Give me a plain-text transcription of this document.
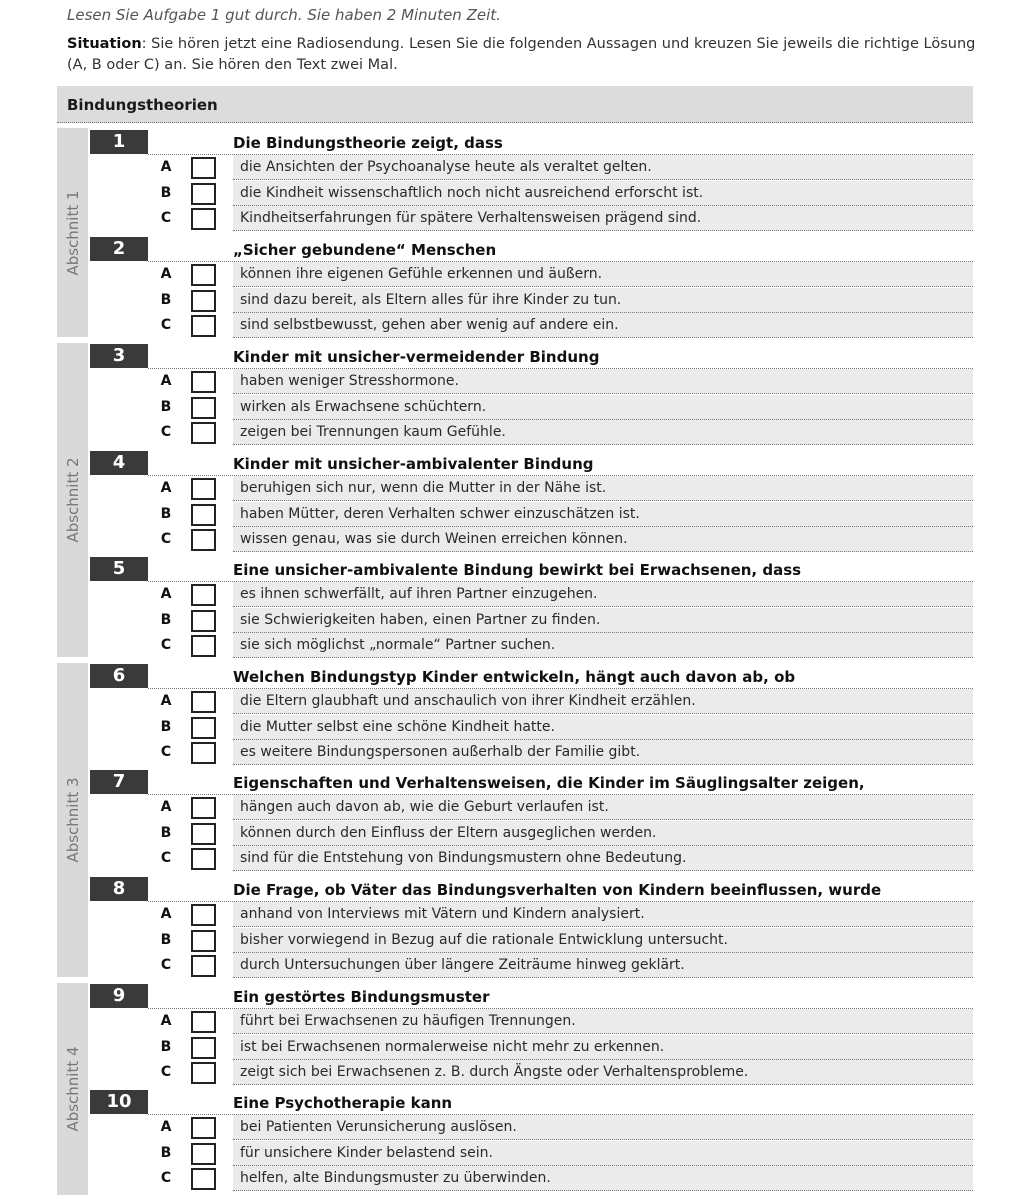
Lesen Sie Aufgabe 1 gut durch. Sie haben 2 Minuten Zeit.
Situation: Sie hören jetzt eine Radiosendung. Lesen Sie die folgenden Aussagen und kreuzen Sie jeweils die richtige Lösung (A, B oder C) an. Sie hören den Text zwei Mal.
Bindungstheorien
Abschnitt 1
Abschnitt 2
Abschnitt 3
Abschnitt 4
1	Die Bindungstheorie zeigt, dass
A	die Ansichten der Psychoanalyse heute als veraltet gelten.
B	die Kindheit wissenschaftlich noch nicht ausreichend erforscht ist.
C	Kindheitserfahrungen für spätere Verhaltensweisen prägend sind.
2	„Sicher gebundene“ Menschen
A	können ihre eigenen Gefühle erkennen und äußern.
B	sind dazu bereit, als Eltern alles für ihre Kinder zu tun.
C	sind selbstbewusst, gehen aber wenig auf andere ein.
3	Kinder mit unsicher-vermeidender Bindung
A	haben weniger Stresshormone.
B	wirken als Erwachsene schüchtern.
C	zeigen bei Trennungen kaum Gefühle.
4	Kinder mit unsicher-ambivalenter Bindung
A	beruhigen sich nur, wenn die Mutter in der Nähe ist.
B	haben Mütter, deren Verhalten schwer einzuschätzen ist.
C	wissen genau, was sie durch Weinen erreichen können.
5	Eine unsicher-ambivalente Bindung bewirkt bei Erwachsenen, dass
A	es ihnen schwerfällt, auf ihren Partner einzugehen.
B	sie Schwierigkeiten haben, einen Partner zu finden.
C	sie sich möglichst „normale“ Partner suchen.
6	Welchen Bindungstyp Kinder entwickeln, hängt auch davon ab, ob
A	die Eltern glaubhaft und anschaulich von ihrer Kindheit erzählen.
B	die Mutter selbst eine schöne Kindheit hatte.
C	es weitere Bindungspersonen außerhalb der Familie gibt.
7	Eigenschaften und Verhaltensweisen, die Kinder im Säuglingsalter zeigen,
A	hängen auch davon ab, wie die Geburt verlaufen ist.
B	können durch den Einfluss der Eltern ausgeglichen werden.
C	sind für die Entstehung von Bindungsmustern ohne Bedeutung.
8	Die Frage, ob Väter das Bindungsverhalten von Kindern beeinflussen, wurde
A	anhand von Interviews mit Vätern und Kindern analysiert.
B	bisher vorwiegend in Bezug auf die rationale Entwicklung untersucht.
C	durch Untersuchungen über längere Zeiträume hinweg geklärt.
9	Ein gestörtes Bindungsmuster
A	führt bei Erwachsenen zu häufigen Trennungen.
B	ist bei Erwachsenen normalerweise nicht mehr zu erkennen.
C	zeigt sich bei Erwachsenen z. B. durch Ängste oder Verhaltensprobleme.
10	Eine Psychotherapie kann
A	bei Patienten Verunsicherung auslösen.
B	für unsichere Kinder belastend sein.
C	helfen, alte Bindungsmuster zu überwinden.
